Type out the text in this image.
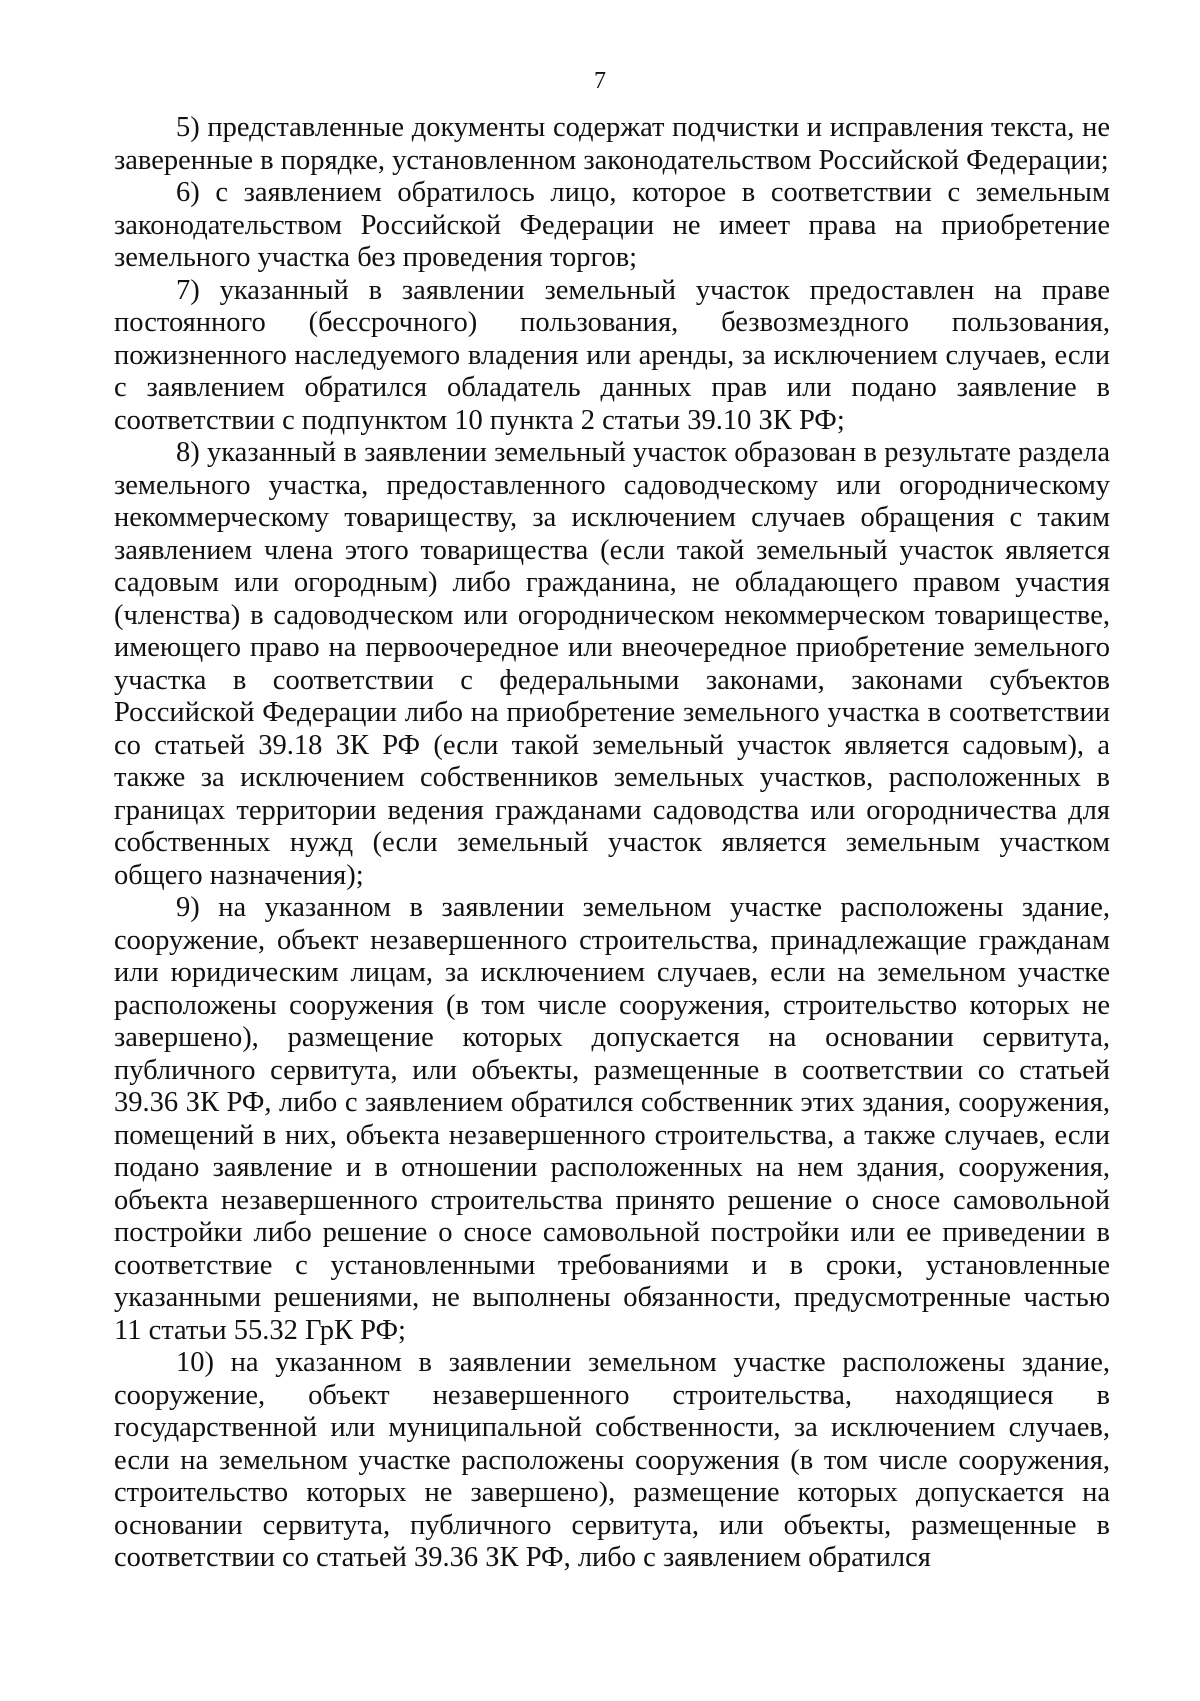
7

5) представленные документы содержат подчистки и исправления текста, не заверенные в порядке, установленном законодательством Российской Федерации;

6) с заявлением обратилось лицо, которое в соответствии с земельным законодательством Российской Федерации не имеет права на приобретение земельного участка без проведения торгов;

7) указанный в заявлении земельный участок предоставлен на праве постоянного (бессрочного) пользования, безвозмездного пользования, пожизненного наследуемого владения или аренды, за исключением случаев, если с заявлением обратился обладатель данных прав или подано заявление в соответствии с подпунктом 10 пункта 2 статьи 39.10 ЗК РФ;

8) указанный в заявлении земельный участок образован в результате раздела земельного участка, предоставленного садоводческому или огородническому некоммерческому товариществу, за исключением случаев обращения с таким заявлением члена этого товарищества (если такой земельный участок является садовым или огородным) либо гражданина, не обладающего правом участия (членства) в садоводческом или огородническом некоммерческом товариществе, имеющего право на первоочередное или внеочередное приобретение земельного участка в соответствии с федеральными законами, законами субъектов Российской Федерации либо на приобретение земельного участка в соответствии со статьей 39.18 ЗК РФ (если такой земельный участок является садовым), а также за исключением собственников земельных участков, расположенных в границах территории ведения гражданами садоводства или огородничества для собственных нужд (если земельный участок является земельным участком общего назначения);

9) на указанном в заявлении земельном участке расположены здание, сооружение, объект незавершенного строительства, принадлежащие гражданам или юридическим лицам, за исключением случаев, если на земельном участке расположены сооружения (в том числе сооружения, строительство которых не завершено), размещение которых допускается на основании сервитута, публичного сервитута, или объекты, размещенные в соответствии со статьей 39.36 ЗК РФ, либо с заявлением обратился собственник этих здания, сооружения, помещений в них, объекта незавершенного строительства, а также случаев, если подано заявление и в отношении расположенных на нем здания, сооружения, объекта незавершенного строительства принято решение о сносе самовольной постройки либо решение о сносе самовольной постройки или ее приведении в соответствие с установленными требованиями и в сроки, установленные указанными решениями, не выполнены обязанности, предусмотренные частью 11 статьи 55.32 ГрК РФ;

10) на указанном в заявлении земельном участке расположены здание, сооружение, объект незавершенного строительства, находящиеся в государственной или муниципальной собственности, за исключением случаев, если на земельном участке расположены сооружения (в том числе сооружения, строительство которых не завершено), размещение которых допускается на основании сервитута, публичного сервитута, или объекты, размещенные в соответствии со статьей 39.36 ЗК РФ, либо с заявлением обратился
